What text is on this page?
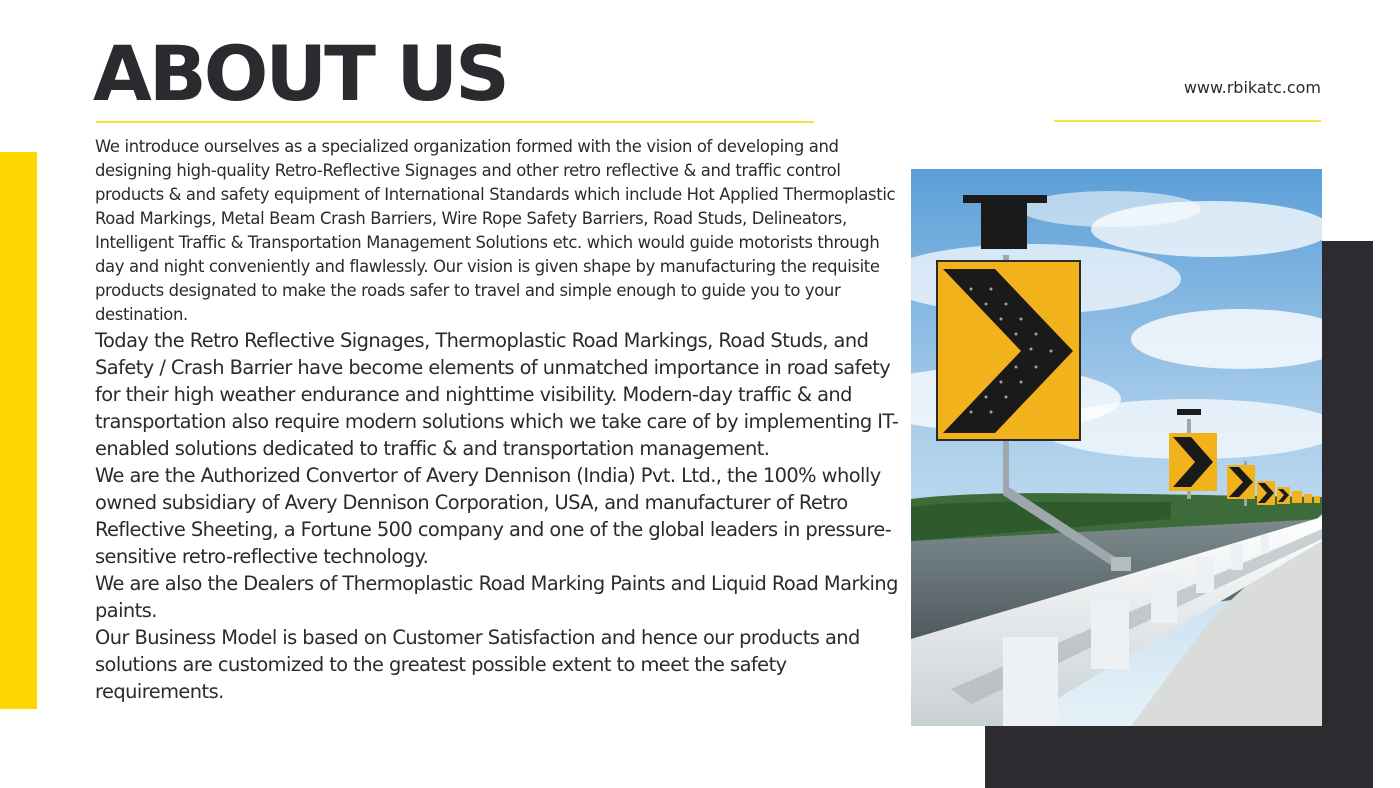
ABOUT US	www.rbikatc.com

We introduce ourselves as a specialized organization formed with the vision of developing and designing high-quality Retro-Reflective Signages and other retro reflective & and traffic control products & and safety equipment of International Standards which include Hot Applied Thermoplastic Road Markings, Metal Beam Crash Barriers, Wire Rope Safety Barriers, Road Studs, Delineators, Intelligent Traffic & Transportation Management Solutions etc. which would guide motorists through day and night conveniently and flawlessly. Our vision is given shape by manufacturing the requisite products designated to make the roads safer to travel and simple enough to guide you to your destination.

Today the Retro Reflective Signages, Thermoplastic Road Markings, Road Studs, and Safety / Crash Barrier have become elements of unmatched importance in road safety for their high weather endurance and nighttime visibility. Modern-day traffic & and transportation also require modern solutions which we take care of by implementing IT-enabled solutions dedicated to traffic & and transportation management.

We are the Authorized Convertor of Avery Dennison (India) Pvt. Ltd., the 100% wholly owned subsidiary of Avery Dennison Corporation, USA, and manufacturer of Retro Reflective Sheeting, a Fortune 500 company and one of the global leaders in pressure-sensitive retro-reflective technology.

We are also the Dealers of Thermoplastic Road Marking Paints and Liquid Road Marking paints.

Our Business Model is based on Customer Satisfaction and hence our products and solutions are customized to the greatest possible extent to meet the safety requirements.
